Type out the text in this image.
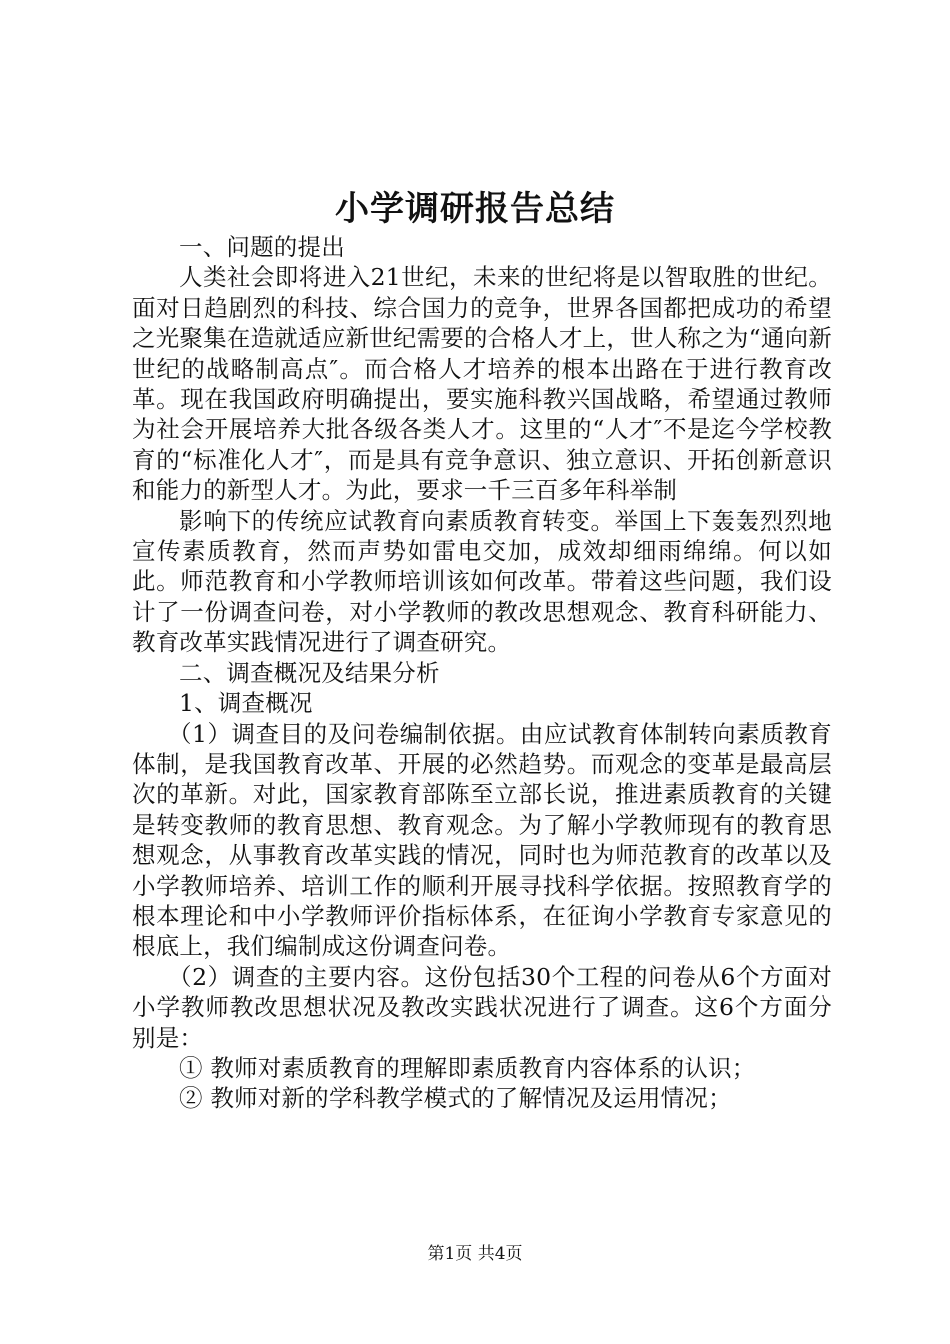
小学调研报告总结

一、问题的提出

人类社会即将进入21世纪，未来的世纪将是以智取胜的世纪。面对日趋剧烈的科技、综合国力的竞争，世界各国都把成功的希望之光聚集在造就适应新世纪需要的合格人才上，世人称之为“通向新世纪的战略制高点″。而合格人才培养的根本出路在于进行教育改革。现在我国政府明确提出，要实施科教兴国战略，希望通过教师为社会开展培养大批各级各类人才。这里的“人才″不是迄今学校教育的“标准化人才″，而是具有竞争意识、独立意识、开拓创新意识和能力的新型人才。为此，要求一千三百多年科举制

影响下的传统应试教育向素质教育转变。举国上下轰轰烈烈地宣传素质教育，然而声势如雷电交加，成效却细雨绵绵。何以如此。师范教育和小学教师培训该如何改革。带着这些问题，我们设计了一份调查问卷，对小学教师的教改思想观念、教育科研能力、教育改革实践情况进行了调查研究。

二、调查概况及结果分析

1、调查概况

（1）调查目的及问卷编制依据。由应试教育体制转向素质教育体制，是我国教育改革、开展的必然趋势。而观念的变革是最高层次的革新。对此，国家教育部陈至立部长说，推进素质教育的关键是转变教师的教育思想、教育观念。为了解小学教师现有的教育思想观念，从事教育改革实践的情况，同时也为师范教育的改革以及小学教师培养、培训工作的顺利开展寻找科学依据。按照教育学的根本理论和中小学教师评价指标体系，在征询小学教育专家意见的根底上，我们编制成这份调查问卷。

（2）调查的主要内容。这份包括30个工程的问卷从6个方面对小学教师教改思想状况及教改实践状况进行了调查。这6个方面分别是：

① 教师对素质教育的理解即素质教育内容体系的认识；

② 教师对新的学科教学模式的了解情况及运用情况；

第1页 共4页
